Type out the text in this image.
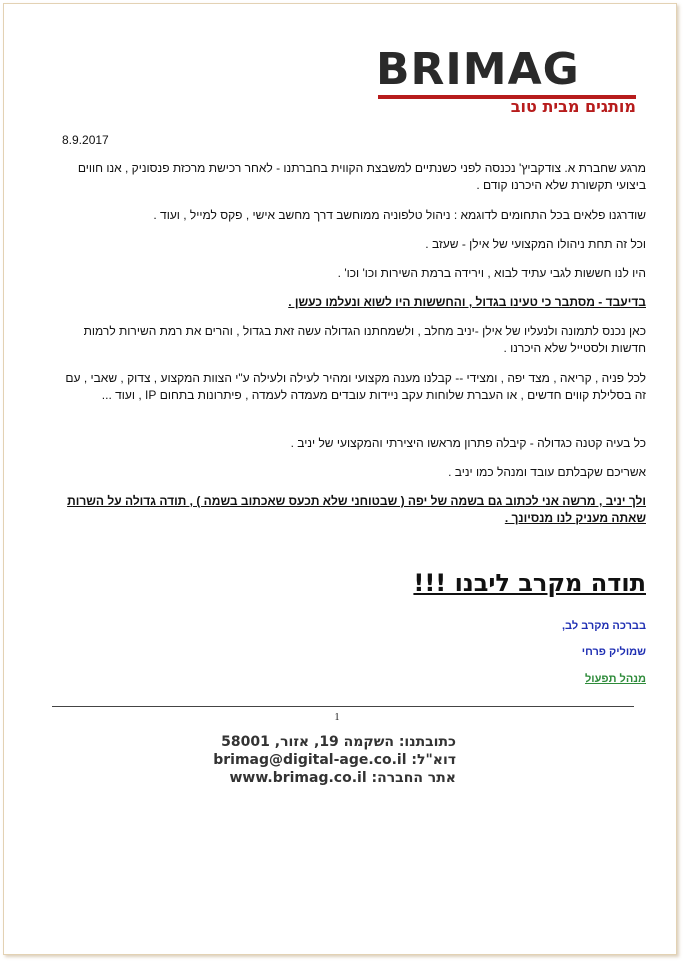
BRIMAG
מותגים מבית טוב
8.9.2017
מרגע שחברת א. צודקביץ' נכנסה לפני כשנתיים למשבצת הקווית בחברתנו - לאחר רכישת מרכזת פנסוניק , אנו חווים ביצועי תקשורת שלא היכרנו קודם .
שודרגנו פלאים בכל התחומים לדוגמא : ניהול טלפוניה ממוחשב דרך מחשב אישי , פקס למייל , ועוד .
וכל זה תחת ניהולו המקצועי של אילן - שעזב .
היו לנו חששות לגבי עתיד לבוא , וירידה ברמת השירות וכו' וכו' .
בדיעבד - מסתבר כי טעינו בגדול , והחששות היו לשוא ונעלמו כעשן .
כאן נכנס לתמונה ולנעליו של אילן -יניב מחלב , ולשמחתנו הגדולה עשה זאת בגדול , והרים את רמת השירות לרמות חדשות ולסטייל שלא היכרנו .
לכל פניה , קריאה , מצד יפה , ומצידי -- קבלנו מענה מקצועי ומהיר לעילה ולעילה ע"י הצוות המקצוע , צדוק , שאבי , עם זה בסלילת קווים חדשים , או העברת שלוחות עקב ניידות עובדים מעמדה לעמדה , פיתרונות בתחום IP , ועוד ...
כל בעיה קטנה כגדולה - קיבלה פתרון מראשו היצירתי והמקצועי של יניב .
אשריכם שקבלתם עובד ומנהל כמו יניב .
ולך יניב , מרשה אני לכתוב גם בשמה של יפה ( שבטוחני שלא תכעס שאכתוב בשמה ) , תודה גדולה על השרות שאתה מעניק לנו מנסיונך .
תודה מקרב ליבנו !!!
בברכה מקרב לב,
שמוליק פרחי
מנהל תפעול
1
כתובתנו: השקמה 19, אזור, 58001
דוא"ל: brimag@digital-age.co.il
אתר החברה: www.brimag.co.il
